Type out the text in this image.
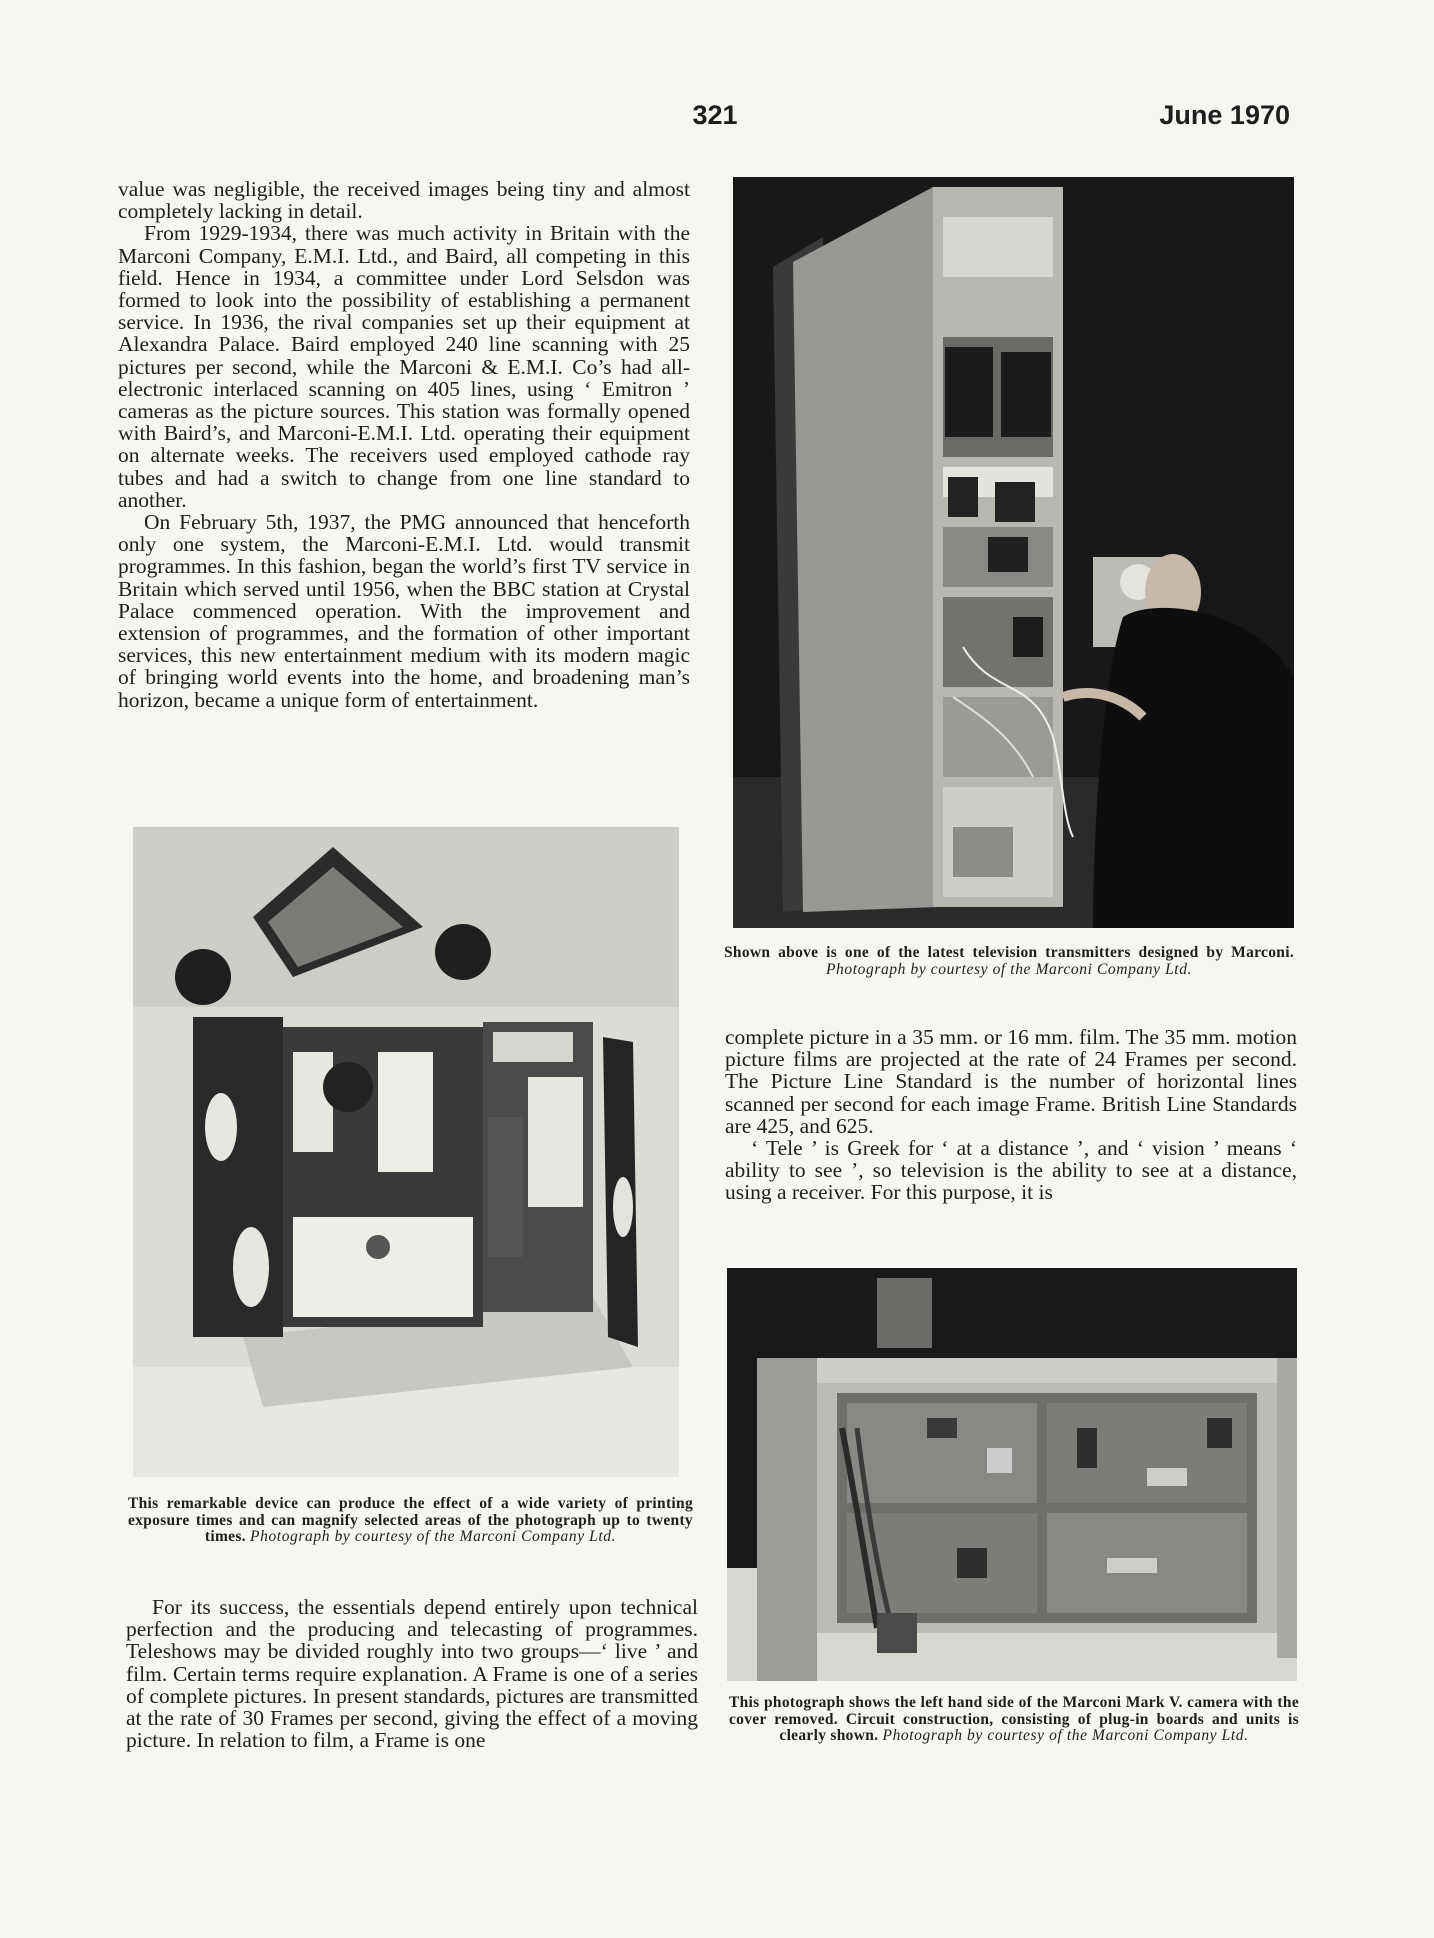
321	June 1970

value was negligible, the received images being tiny and almost completely lacking in detail.

From 1929-1934, there was much activity in Britain with the Marconi Company, E.M.I. Ltd., and Baird, all competing in this field. Hence in 1934, a committee under Lord Selsdon was formed to look into the possibility of establishing a permanent service. In 1936, the rival companies set up their equipment at Alexandra Palace. Baird employed 240 line scanning with 25 pictures per second, while the Marconi & E.M.I. Co’s had all-electronic interlaced scanning on 405 lines, using ‘ Emitron ’ cameras as the picture sources. This station was formally opened with Baird’s, and Marconi-E.M.I. Ltd. operating their equipment on alternate weeks. The receivers used employed cathode ray tubes and had a switch to change from one line standard to another.

On February 5th, 1937, the PMG announced that henceforth only one system, the Marconi-E.M.I. Ltd. would transmit programmes. In this fashion, began the world’s first TV service in Britain which served until 1956, when the BBC station at Crystal Palace commenced operation. With the improvement and extension of programmes, and the formation of other important services, this new entertainment medium with its modern magic of bringing world events into the home, and broadening man’s horizon, became a unique form of entertainment.

Shown above is one of the latest television transmitters designed by Marconi. Photograph by courtesy of the Marconi Company Ltd.
This remarkable device can produce the effect of a wide variety of printing exposure times and can magnify selected areas of the photograph up to twenty times. Photograph by courtesy of the Marconi Company Ltd.

For its success, the essentials depend entirely upon technical perfection and the producing and telecasting of programmes. Teleshows may be divided roughly into two groups—‘ live ’ and film. Certain terms require explanation. A Frame is one of a series of complete pictures. In present standards, pictures are transmitted at the rate of 30 Frames per second, giving the effect of a moving picture. In relation to film, a Frame is one

complete picture in a 35 mm. or 16 mm. film. The 35 mm. motion picture films are projected at the rate of 24 Frames per second. The Picture Line Standard is the number of horizontal lines scanned per second for each image Frame. British Line Standards are 425, and 625.

‘ Tele ’ is Greek for ‘ at a distance ’, and ‘ vision ’ means ‘ ability to see ’, so television is the ability to see at a distance, using a receiver. For this purpose, it is

This photograph shows the left hand side of the Marconi Mark V. camera with the cover removed. Circuit construction, consisting of plug-in boards and units is clearly shown. Photograph by courtesy of the Marconi Company Ltd.
